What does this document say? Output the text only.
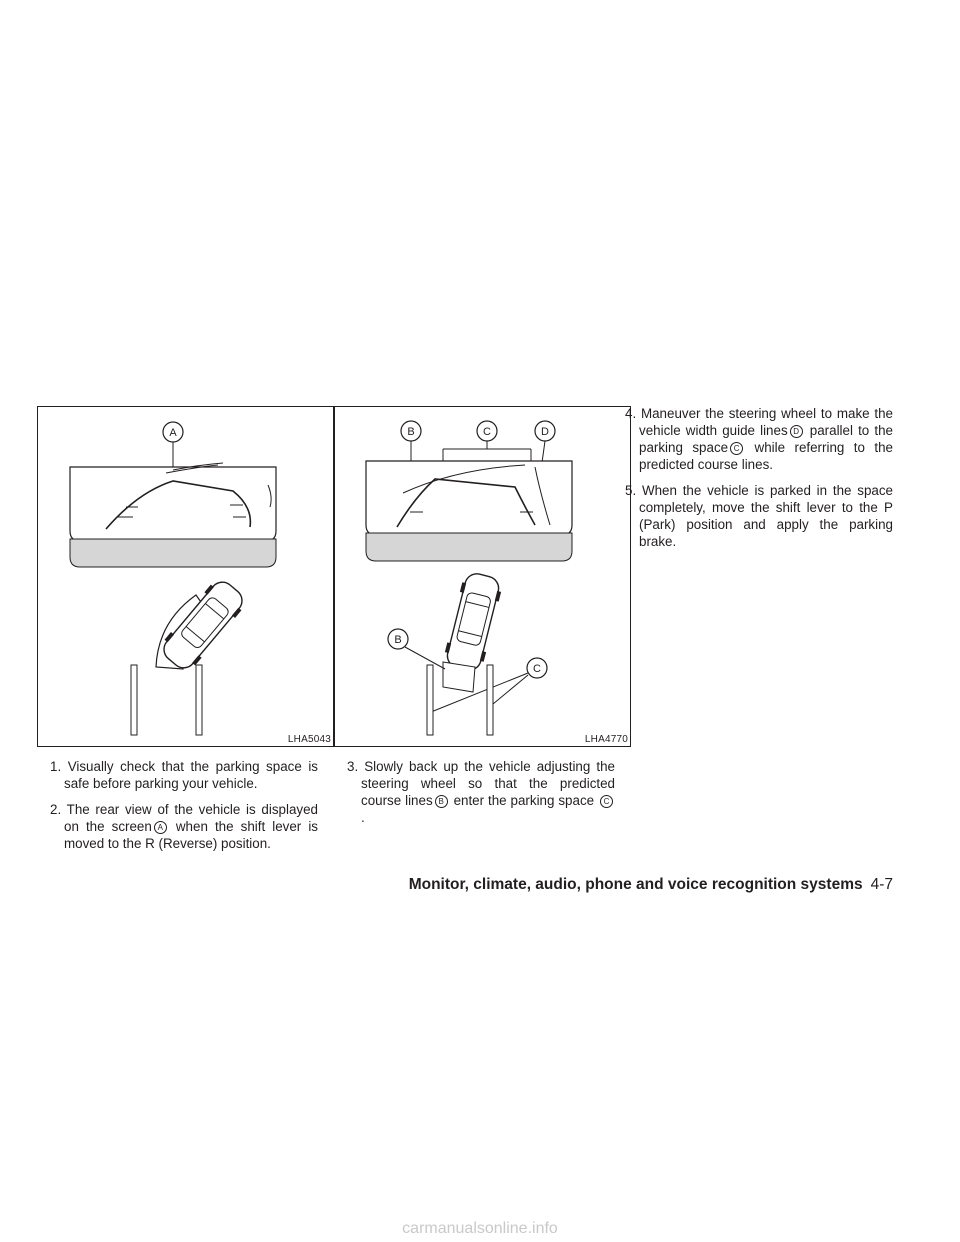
A
LHA5043
B	C	D
B
C
LHA4770

1. Visually check that the parking space is safe before parking your vehicle.

2. The rear view of the vehicle is displayed on the screen A when the shift lever is moved to the R (Reverse) position.

3. Slowly back up the vehicle adjusting the steering wheel so that the predicted course lines B enter the parking space C.

4. Maneuver the steering wheel to make the vehicle width guide lines D parallel to the parking space C while referring to the predicted course lines.

5. When the vehicle is parked in the space completely, move the shift lever to the P (Park) position and apply the parking brake.

Monitor, climate, audio, phone and voice recognition systems 4-7
carmanualsonline.info
